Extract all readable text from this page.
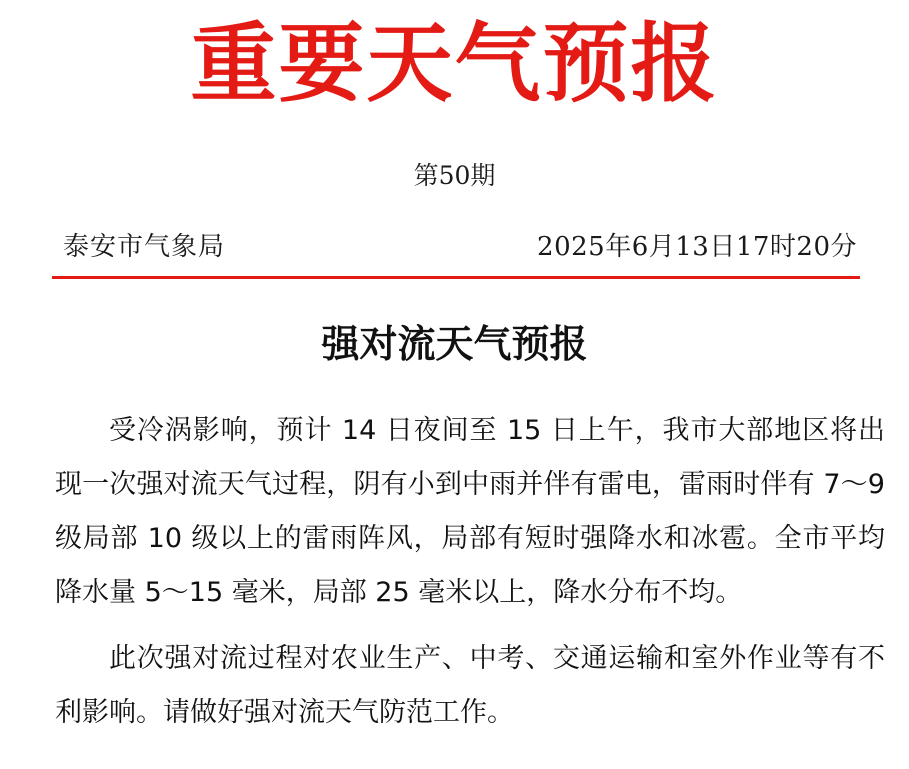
重要天气预报
第50期
泰安市气象局	2025年6月13日17时20分
强对流天气预报

受冷涡影响，预计 14 日夜间至 15 日上午，我市大部地区将出现一次强对流天气过程，阴有小到中雨并伴有雷电，雷雨时伴有 7～9 级局部 10 级以上的雷雨阵风，局部有短时强降水和冰雹。全市平均降水量 5～15 毫米，局部 25 毫米以上，降水分布不均。

此次强对流过程对农业生产、中考、交通运输和室外作业等有不利影响。请做好强对流天气防范工作。
